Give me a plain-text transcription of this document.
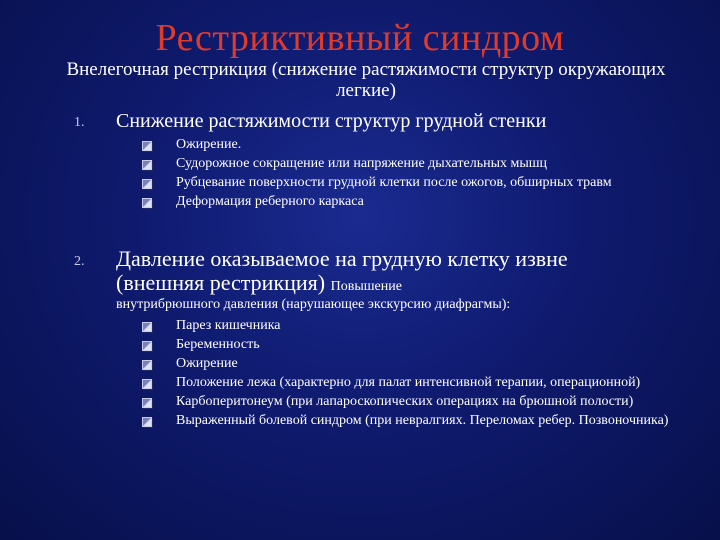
Рестриктивный синдром
Внелегочная рестрикция (снижение растяжимости структур окружающих легкие)
1. Снижение растяжимости структур грудной стенки
Ожирение.
Судорожное сокращение или напряжение дыхательных мышц
Рубцевание поверхности грудной клетки после ожогов, обширных травм
Деформация реберного каркаса
2. Давление оказываемое на грудную клетку извне (внешняя рестрикция) Повышение
внутрибрюшного давления (нарушающее экскурсию диафрагмы):
Парез кишечника
Беременность
Ожирение
Положение лежа (характерно для палат интенсивной терапии, операционной)
Карбоперитонеум (при лапароскопических операциях на брюшной полости)
Выраженный болевой синдром (при невралгиях. Переломах ребер. Позвоночника)
